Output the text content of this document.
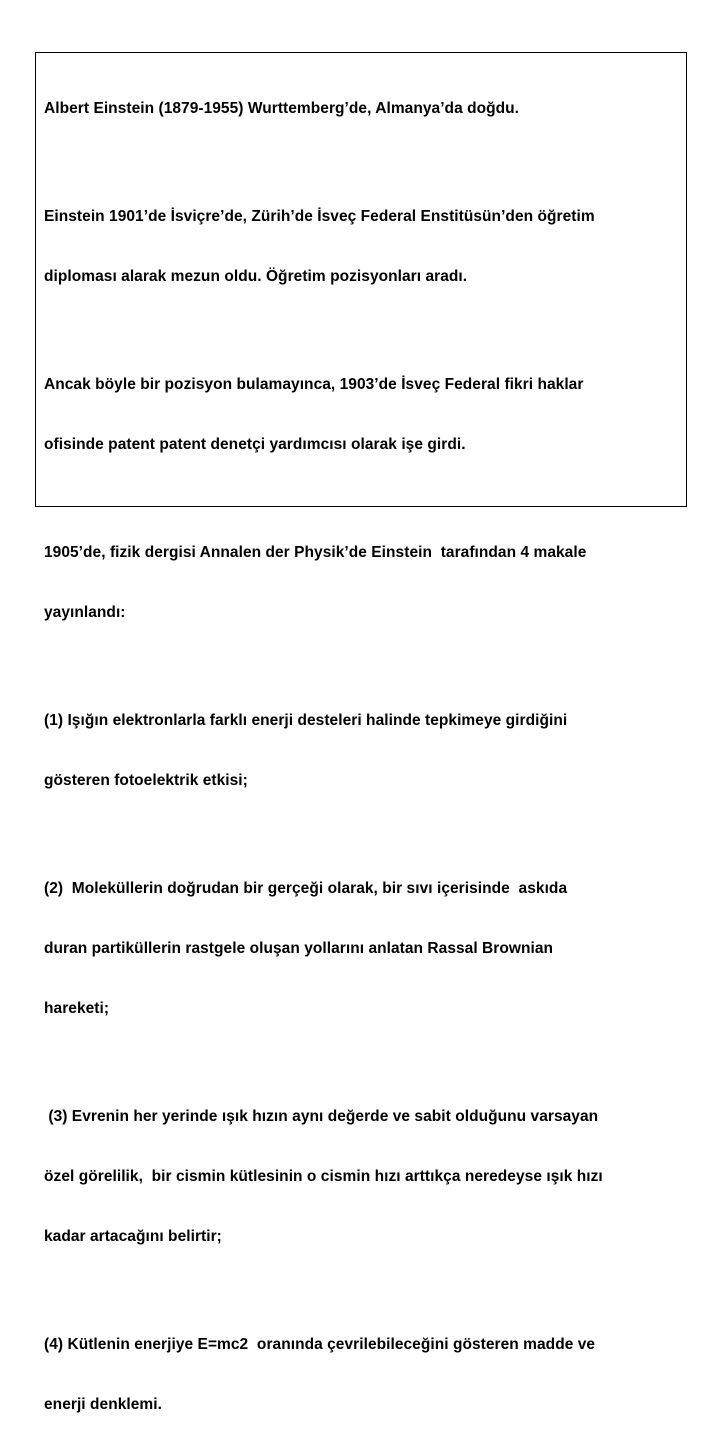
Albert Einstein (1879-1955) Wurttemberg’de, Almanya’da doğdu.

Einstein 1901’de İsviçre’de, Zürih’de İsveç Federal Enstitüsün’den öğretim

diploması alarak mezun oldu. Öğretim pozisyonları aradı.

Ancak böyle bir pozisyon bulamayınca, 1903’de İsveç Federal fikri haklar

ofisinde patent patent denetçi yardımcısı olarak işe girdi.

1905’de, fizik dergisi Annalen der Physik’de Einstein  tarafından 4 makale

yayınlandı:

(1) Işığın elektronlarla farklı enerji desteleri halinde tepkimeye girdiğini

gösteren fotoelektrik etkisi;

(2)  Moleküllerin doğrudan bir gerçeği olarak, bir sıvı içerisinde  askıda

duran partiküllerin rastgele oluşan yollarını anlatan Rassal Brownian

hareketi;

(3) Evrenin her yerinde ışık hızın aynı değerde ve sabit olduğunu varsayan

özel görelilik,  bir cismin kütlesinin o cismin hızı arttıkça neredeyse ışık hızı

kadar artacağını belirtir;

(4) Kütlenin enerjiye E=mc2  oranında çevrilebileceğini gösteren madde ve

enerji denklemi.
